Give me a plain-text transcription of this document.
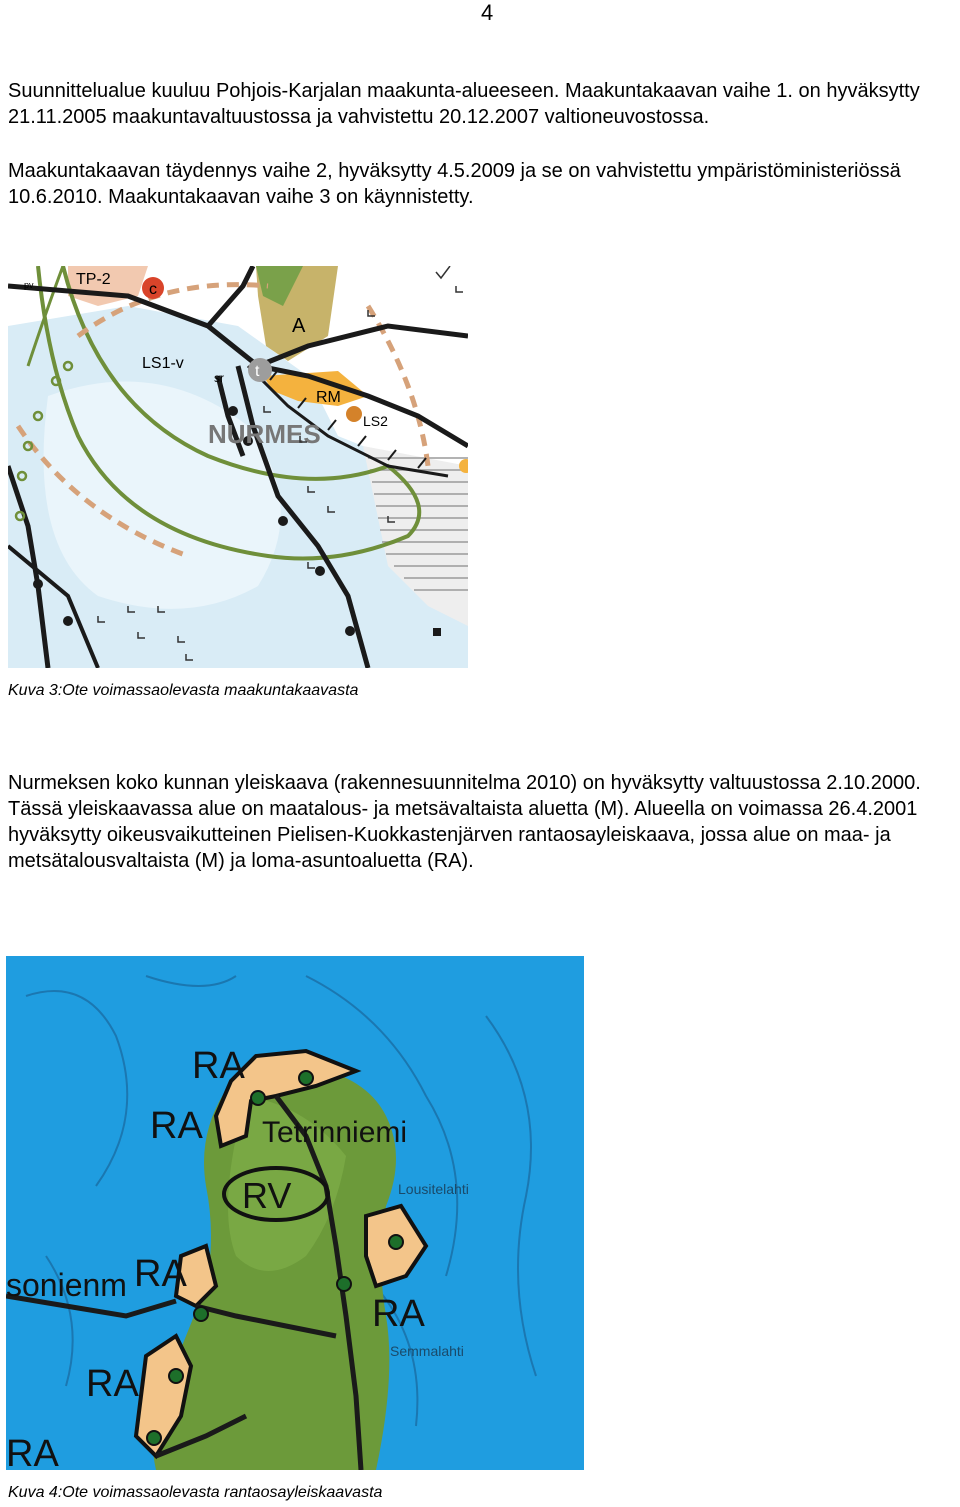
4

Suunnittelualue kuuluu Pohjois-Karjalan maakunta-alueeseen. Maakuntakaavan vaihe 1. on hyväksytty 21.11.2005 maakuntavaltuustossa ja vahvistettu 20.12.2007 valtioneuvostossa.

Maakuntakaavan täydennys vaihe 2, hyväksytty 4.5.2009 ja se on vahvistettu ympäristöministeriössä 10.6.2010. Maakuntakaavan vaihe 3 on käynnistetty.

c
t
TP-2
pv
A
LS1-v
sr
RM
LS2
NURMES
Kuva 3:Ote voimassaolevasta maakuntakaavasta

Nurmeksen koko kunnan yleiskaava (rakennesuunnitelma 2010) on hyväksytty valtuustossa 2.10.2000. Tässä yleiskaavassa alue on maatalous- ja metsävaltaista aluetta (M). Alueella on voimassa 26.4.2001 hyväksytty oikeusvaikutteinen Pielisen-Kuokkastenjärven rantaosayleiskaava, jossa alue on maa- ja metsätalousvaltaista (M) ja loma-asuntoaluetta (RA).

RA
RA Tetrinniemi
RV	Lousitelahti
sonienm RA
RA
Semmalahti
RA
RA
Kuva 4:Ote voimassaolevasta rantaosayleiskaavasta
